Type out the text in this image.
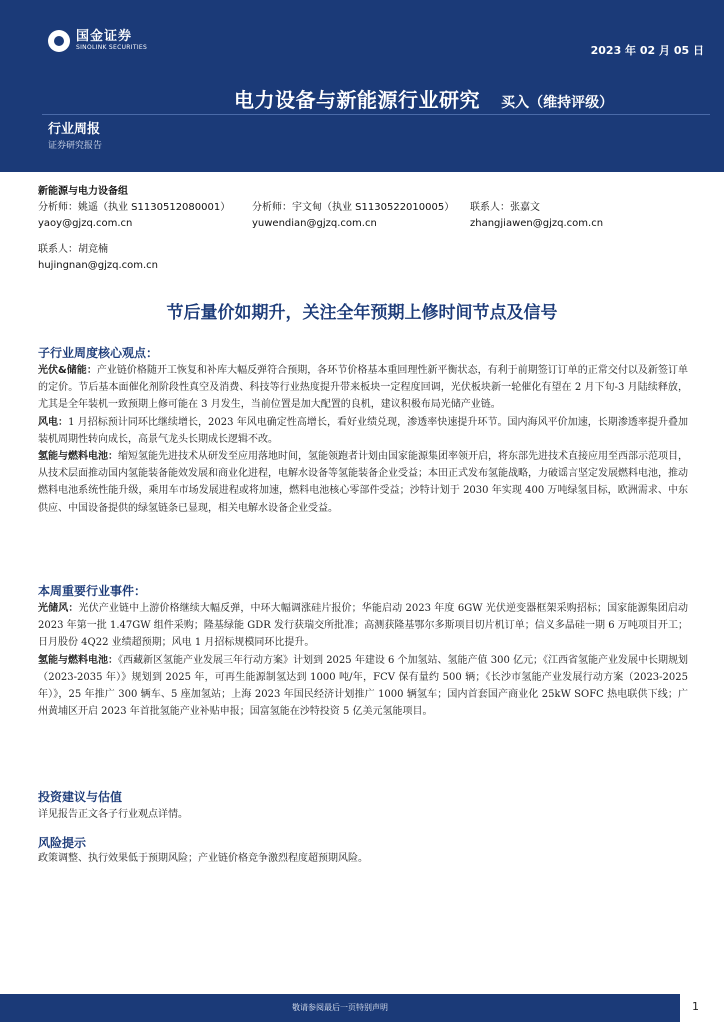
国金证券
SINOLINK SECURITIES	2023 年 02 月 05 日
电力设备与新能源行业研究 买入（维持评级）
行业周报
证券研究报告
新能源与电力设备组
分析师：姚遥（执业 S1130512080001） 分析师：宇文甸（执业 S1130522010005） 联系人：张嘉文
yaoy@gjzq.com.cn	yuwendian@gjzq.com.cn	zhangjiawen@gjzq.com.cn
联系人：胡竞楠
hujingnan@gjzq.com.cn
节后量价如期升，关注全年预期上修时间节点及信号
子行业周度核心观点：
光伏&储能：产业链价格随开工恢复和补库大幅反弹符合预期，各环节价格基本重回理性新平衡状态，有利于前期签订订单的正常交付以及新签订单的定价。节后基本面催化剂阶段性真空及消费、科技等行业热度提升带来板块一定程度回调，光伏板块新一轮催化有望在 2 月下旬-3 月陆续释放，尤其是全年装机一致预期上修可能在 3 月发生，当前位置是加大配置的良机，建议积极布局光储产业链。
风电：1 月招标预计同环比继续增长，2023 年风电确定性高增长，看好业绩兑现，渗透率快速提升环节。国内海风平价加速，长期渗透率提升叠加装机周期性转向成长，高景气龙头长期成长逻辑不改。
氢能与燃料电池：缩短氢能先进技术从研发至应用落地时间，氢能领跑者计划由国家能源集团率领开启，将东部先进技术直接应用至西部示范项目，从技术层面推动国内氢能装备能效发展和商业化进程，电解水设备等氢能装备企业受益；本田正式发布氢能战略，力破谣言坚定发展燃料电池，推动燃料电池系统性能升级，乘用车市场发展进程或将加速，燃料电池核心零部件受益；沙特计划于 2030 年实现 400 万吨绿氢目标，欧洲需求、中东供应、中国设备提供的绿氢链条已显现，相关电解水设备企业受益。
本周重要行业事件：
光储风：光伏产业链中上游价格继续大幅反弹，中环大幅调涨硅片报价；华能启动 2023 年度 6GW 光伏逆变器框架采购招标；国家能源集团启动 2023 年第一批 1.47GW 组件采购；隆基绿能 GDR 发行获瑞交所批准；高测获隆基鄂尔多斯项目切片机订单；信义多晶硅一期 6 万吨项目开工；日月股份 4Q22 业绩超预期；风电 1 月招标规模同环比提升。
氢能与燃料电池：《西藏新区氢能产业发展三年行动方案》计划到 2025 年建设 6 个加氢站、氢能产值 300 亿元；《江西省氢能产业发展中长期规划（2023-2035 年）》规划到 2025 年，可再生能源制氢达到 1000 吨/年，FCV 保有量约 500 辆；《长沙市氢能产业发展行动方案（2023-2025 年）》，25 年推广 300 辆车、5 座加氢站；上海 2023 年国民经济计划推广 1000 辆氢车；国内首套国产商业化 25kW SOFC 热电联供下线；广州黄埔区开启 2023 年首批氢能产业补贴申报；国富氢能在沙特投资 5 亿美元氢能项目。
投资建议与估值
详见报告正文各子行业观点详情。
风险提示
政策调整、执行效果低于预期风险；产业链价格竞争激烈程度超预期风险。
敬请参阅最后一页特别声明	1
